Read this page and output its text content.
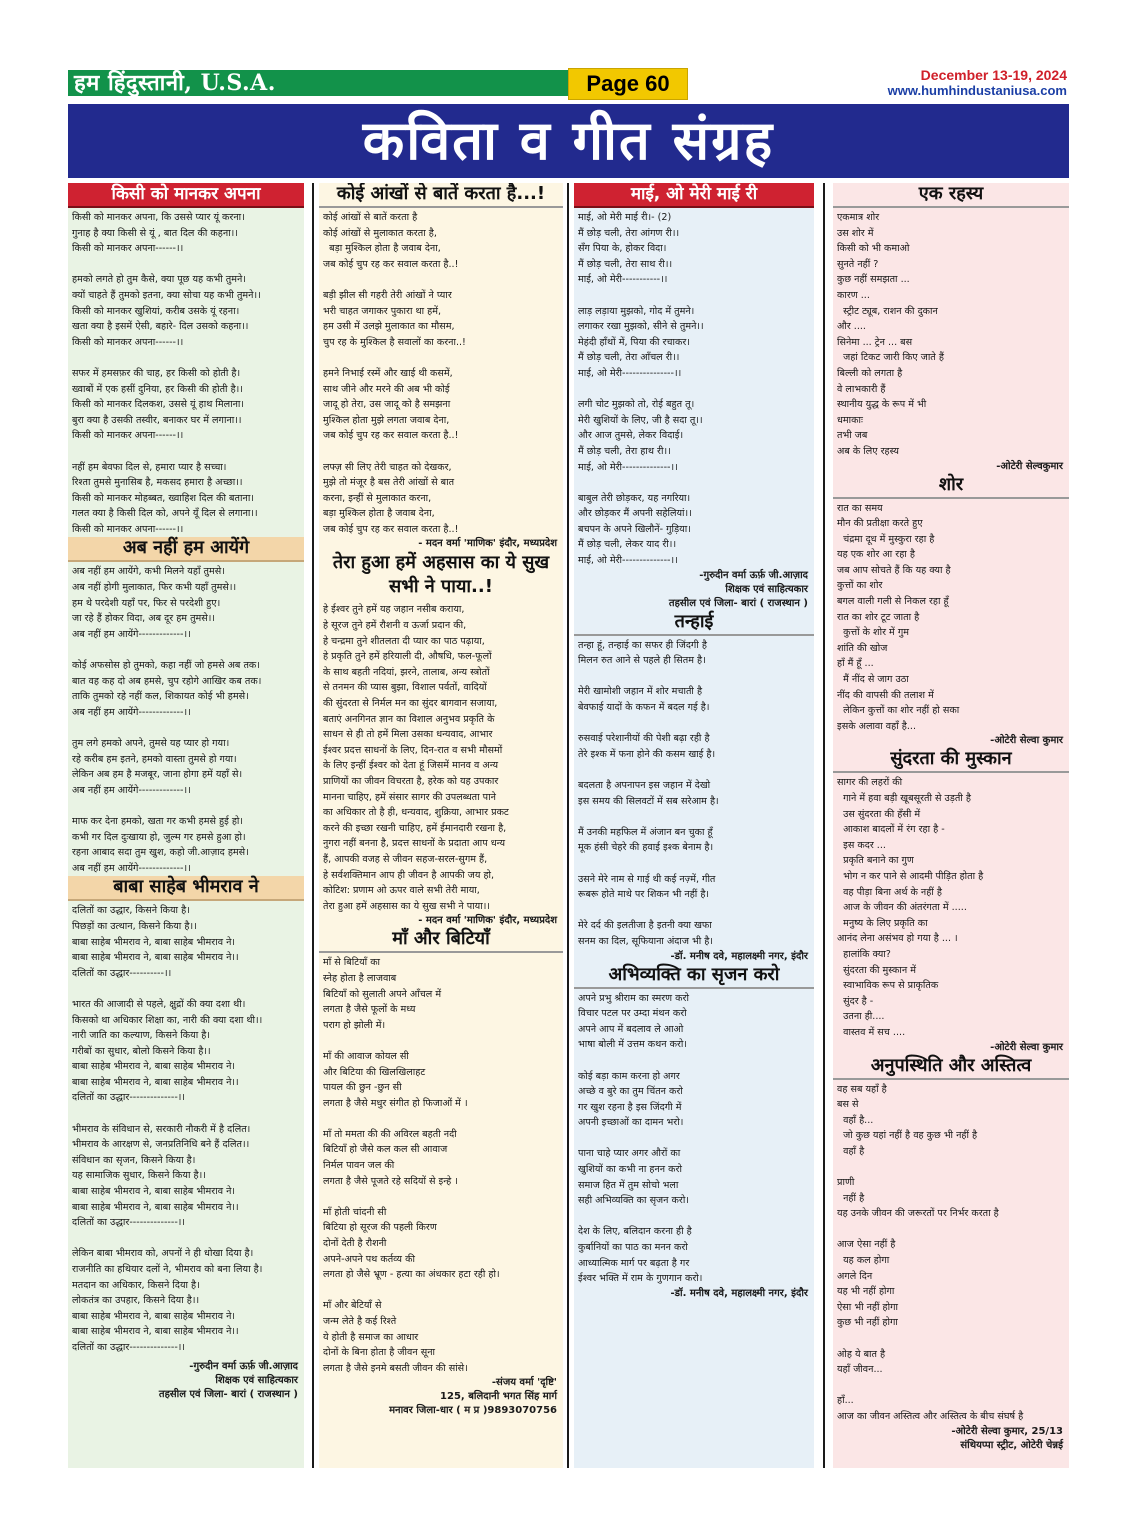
हम हिंदुस्तानी, U.S.A.	Page 60	December 13-19, 2024
www.humhindustaniusa.com
कविता व गीत संग्रह
किसी को मानकर अपना
किसी को मानकर अपना, कि उससे प्यार यूं करना।
गुनाह है क्या किसी से यूं , बात दिल की कहना।।
किसी को मानकर अपना------।।

हमको लगते हो तुम कैसे, क्या पूछ यह कभी तुमने।
क्यों चाहते हैं तुमको इतना, क्या सोचा यह कभी तुमने।।
किसी को मानकर खुशियां, करीब उसके यूं रहना।
खता क्या है इसमें ऐसी, बहारे- दिल उसको कहना।।
किसी को मानकर अपना------।।

सफर में हमसफ़र की चाह, हर किसी को होती है।
ख्वाबों में एक हसीं दुनिया, हर किसी की होती है।।
किसी को मानकर दिलकश, उससे यूं हाथ मिलाना।
बुरा क्या है उसकी तस्वीर, बनाकर घर में लगाना।।
किसी को मानकर अपना------।।

नहीं हम बेवफा दिल से, हमारा प्यार है सच्चा।
रिश्ता तुमसे मुनासिब है, मकसद हमारा है अच्छा।।
किसी को मानकर मोहब्बत, ख्वाहिश दिल की बताना।
गलत क्या है किसी दिल को, अपने यूँ दिल से लगाना।।
किसी को मानकर अपना------।।
अब नहीं हम आयेंगे
अब नहीं हम आयेंगे, कभी मिलने यहाँ तुमसे।
अब नहीं होगी मुलाकात, फिर कभी यहाँ तुमसे।।
हम थे परदेशी यहाँ पर, फिर से परदेशी हुए।
जा रहे हैं होकर विदा, अब दूर हम तुमसे।।
अब नहीं हम आयेंगे-------------।।

कोई अफसोस हो तुमको, कहा नहीं जो हमसे अब तक।
बात वह कह दो अब हमसे, चुप रहोगे आखिर कब तक।
ताकि तुमको रहे नहीं कल, शिकायत कोई भी हमसे।
अब नहीं हम आयेंगे-------------।।

तुम लगे हमको अपने, तुमसे यह प्यार हो गया।
रहे करीब हम इतने, हमको वास्ता तुमसे हो गया।
लेकिन अब हम है मजबूर, जाना होगा हमें यहाँ से।
अब नहीं हम आयेंगे-------------।।

माफ कर देना हमको, खता गर कभी हमसे हुई हो।
कभी गर दिल दुःखाया हो, जुल्म गर हमसे हुआ हो।
रहना आबाद सदा तुम खुश, कहो जी.आज़ाद हमसे।
अब नहीं हम आयेंगे-------------।।
बाबा साहेब भीमराव ने
दलितों का उद्धार, किसने किया है।
पिछड़ों का उत्थान, किसने किया है।।
बाबा साहेब भीमराव ने, बाबा साहेब भीमराव ने।
बाबा साहेब भीमराव ने, बाबा साहेब भीमराव ने।।
दलितों का उद्धार----------।।

भारत की आजादी से पहले, क्षुद्रों की क्या दशा थी।
किसको था अधिकार शिक्षा का, नारी की क्या दशा थी।।
नारी जाति का कल्याण, किसने किया है।
गरीबों का सुधार, बोलो किसने किया है।।
बाबा साहेब भीमराव ने, बाबा साहेब भीमराव ने।
बाबा साहेब भीमराव ने, बाबा साहेब भीमराव ने।।
दलितों का उद्धार--------------।।

भीमराव के संविधान से, सरकारी नौकरी में है दलित।
भीमराव के आरक्षण से, जनप्रतिनिधि बने हैं दलित।।
संविधान का सृजन, किसने किया है।
यह सामाजिक सुधार, किसने किया है।।
बाबा साहेब भीमराव ने, बाबा साहेब भीमराव ने।
बाबा साहेब भीमराव ने, बाबा साहेब भीमराव ने।।
दलितों का उद्धार--------------।।

लेकिन बाबा भीमराव को, अपनों ने ही धोखा दिया है।
राजनीति का हथियार दलों ने, भीमराव को बना लिया है।
मतदान का अधिकार, किसने दिया है।
लोकतंत्र का उपहार, किसने दिया है।।
बाबा साहेब भीमराव ने, बाबा साहेब भीमराव ने।
बाबा साहेब भीमराव ने, बाबा साहेब भीमराव ने।।
दलितों का उद्धार--------------।।
-गुरुदीन वर्मा ऊर्फ़ जी.आज़ाद
शिक्षक एवं साहित्यकार
तहसील एवं जिला- बारां ( राजस्थान )
कोई आंखों से बातें करता है...!
कोई आंखों से बातें करता है
कोई आंखों से मुलाकात करता है,
बड़ा मुश्किल होता है जवाब देना,
जब कोई चुप रह कर सवाल करता है..!

बड़ी झील सी गहरी तेरी आंखों ने प्यार
भरी चाहत जगाकर पुकारा था हमें,
हम उसी में उलझे मुलाकात का मौसम,
चुप रह के मुश्किल है सवालों का करना..!

हमने निभाई रस्में और खाई थी कसमें,
साथ जीने और मरने की अब भी कोई
जादू हो तेरा, उस जादू को है समझना
मुश्किल होता मुझे लगता जवाब देना,
जब कोई चुप रह कर सवाल करता है..!

लफ्ज़ सी लिए तेरी चाहत को देखकर,
मुझे तो मंजूर है बस तेरी आंखों से बात
करना, इन्हीं से मुलाकात करना,
बड़ा मुश्किल होता है जवाब देना,
जब कोई चुप रह कर सवाल करता है..!
- मदन वर्मा 'माणिक' इंदौर, मध्यप्रदेश
तेरा हुआ हमें अहसास का ये सुख सभी ने पाया..!
हे ईश्वर तुने हमें यह जहान नसीब कराया,
हे सूरज तुने हमें रौशनी व ऊर्जा प्रदान की,
हे चन्द्रमा तुने शीतलता दी प्यार का पाठ पढ़ाया,
हे प्रकृति तुने हमें हरियाली दी, औषधि, फल-फूलों
के साथ बहती नदियां, झरने, तालाब, अन्य स्त्रोतों
से तनमन की प्यास बुझा, विशाल पर्वतों, वादियों
की सुंदरता से निर्मल मन का सुंदर बागवान सजाया,
बताएं अनगिनत ज्ञान का विशाल अनुभव प्रकृति के
साधन से ही तो हमें मिला उसका धन्यवाद, आभार
ईश्वर प्रदत्त साधनों के लिए, दिन-रात व सभी मौसमों
के लिए इन्हीं ईश्वर को देता हूं जिसमें मानव व अन्य
प्राणियों का जीवन विचरता है, हरेक को यह उपकार
मानना चाहिए, हमें संसार सागर की उपलब्धता पाने
का अधिकार तो है ही, धन्यवाद, शुक्रिया, आभार प्रकट
करने की इच्छा रखनी चाहिए, हमें ईमानदारी रखना है,
नुगरा नहीं बनना है, प्रदत्त साधनों के प्रदाता आप धन्य
हैं, आपकी वजह से जीवन सहज-सरल-सुगम हैं,
हे सर्वशक्तिमान आप ही जीवन है आपकी जय हो,
कोटिश: प्रणाम ओ ऊपर वाले सभी तेरी माया,
तेरा हुआ हमें अहसास का ये सुख सभी ने पाया।।
- मदन वर्मा 'माणिक' इंदौर, मध्यप्रदेश
माँ और बिटियाँ
माँ से बिटियाँ का
स्नेह होता है लाजवाब
बिटियाँ को सुलाती अपने आँचल में
लगता है जैसे फूलों के मध्य
पराग हो झोली में।

माँ की आवाज कोयल सी
और बिटिया की खिलखिलाहट
पायल की छुन -छुन सी
लगता है जैसे मधुर संगीत हो फिजाओं में ।

माँ तो ममता की की अविरल बहती नदी
बिटियाँ हो जैसे कल कल सी आवाज
निर्मल पावन जल की
लगता है जैसे पूजते रहे सदियों से इन्हे ।

माँ होती चांदनी सी
बिटिया हो सूरज की पहली किरण
दोनों देती है रौशनी
अपने-अपने पथ कर्तव्य की
लगता हो जैसे भ्रूण - हत्या का अंधकार हटा रही हो।

माँ और बेटियाँ से
जन्म लेते है कई रिश्ते
ये होती है समाज का आधार
दोनों के बिना होता है जीवन सूना
लगता है जैसे इनमे बसती जीवन की सांसे।
-संजय वर्मा 'दृष्टि'
125, बलिदानी भगत सिंह मार्ग
मनावर जिला-धार ( म प्र )9893070756
माई, ओ मेरी माई री
माई, ओ मेरी माई री।- (2)
मैं छोड़ चली, तेरा आंगण री।।
सँग पिया के, होकर विदा।
मैं छोड़ चली, तेरा साथ री।।
माई, ओ मेरी-----------।।

लाड़ लड़ाया मुझको, गोद में तुमने।
लगाकर रखा मुझको, सीने से तुमने।।
मेहंदी हाँथों में, पिया की रचाकर।
मैं छोड़ चली, तेरा आँचल री।।
माई, ओ मेरी---------------।।

लगी चोट मुझको तो, रोई बहुत तू।
मेरी खुशियों के लिए, जी है सदा तू।।
और आज तुमसे, लेकर विदाई।
मैं छोड़ चली, तेरा हाथ री।।
माई, ओ मेरी--------------।।

बाबुल तेरी छोड़कर, यह नगरिया।
और छोड़कर मैं अपनी सहेलियां।।
बचपन के अपने खिलौनें- गुड़िया।
मैं छोड़ चली, लेकर याद री।।
माई, ओ मेरी--------------।।
-गुरुदीन वर्मा ऊर्फ़ जी.आज़ाद
शिक्षक एवं साहित्यकार
तहसील एवं जिला- बारां ( राजस्थान )
तन्हाई
तन्हा हूं, तन्हाई का सफर ही जिंदगी है
मिलन रुत आने से पहले ही सितम है।

मेरी खामोशी जहान में शोर मचाती है
बेवफाई यादों के कफन में बदल गई है।

रुसवाई परेशानीयों की पेशी बढ़ा रही है
तेरे इश्क में फना होने की कसम खाई है।

बदलता है अपनापन इस जहान में देखो
इस समय की सिलवटों में सब सरेआम है।

मैं उनकी महफिल में अंजान बन चुका हूँ
मूक हंसी चेहरे की हवाई इश्क बेनाम है।

उसने मेरे नाम से गाई थी कई नज़्में, गीत
रूबरू होते माथे पर शिकन भी नहीं है।

मेरे दर्द की इलतीजा है इतनी क्या खफा
सनम का दिल, सूफियाना अंदाज भी है।
-डॉ. मनीष दवे, महालक्ष्मी नगर, इंदौर
अभिव्यक्ति का सृजन करो
अपने प्रभु श्रीराम का स्मरण करो
विचार पटल पर उम्दा मंथन करो
अपने आप में बदलाव ले आओ
भाषा बोली में उत्तम कथन करो।

कोई बड़ा काम करना हो अगर
अच्छे व बुरे का तुम चिंतन करो
गर खुश रहना है इस जिंदगी में
अपनी इच्छाओं का दामन भरो।

पाना चाहे प्यार अगर औरों का
खुशियों का कभी ना हनन करो
समाज हित में तुम सोचो भला
सही अभिव्यक्ति का सृजन करो।

देश के लिए, बलिदान करना ही है
कुर्बानियों का पाठ का मनन करो
आध्यात्मिक मार्ग पर बढ़ता है गर
ईश्वर भक्ति में राम के गुणगान करो।
-डॉ. मनीष दवे, महालक्ष्मी नगर, इंदौर
एक रहस्य
एकमात्र शोर
उस शोर में
किसी को भी कमाओ
सुनते नहीं ?
कुछ नहीं समझता ...
कारण ...
स्ट्रीट ट्यूब, राशन की दुकान
और ....
सिनेमा ... ट्रेन ... बस
जहां टिकट जारी किए जाते हैं
बिल्ली को लगता है
वे लाभकारी हैं
स्थानीय युद्ध के रूप में भी
धमाकाः
तभी जब
अब के लिए रहस्य
-ओटेरी सेल्वकुमार
शोर
रात का समय
मौन की प्रतीक्षा करते हुए
चंद्रमा दूध में मुस्कुरा रहा है
यह एक शोर आ रहा है
जब आप सोचते हैं कि यह क्या है
कुत्तों का शोर
बगल वाली गली से निकल रहा हूँ
रात का शोर टूट जाता है
कुत्तों के शोर में गुम
शांति की खोज
हाँ मैं हूँ ...
मैं नींद से जाग उठा
नींद की वापसी की तलाश में
लेकिन कुत्तों का शोर नहीं हो सका
इसके अलावा वहाँ है...
-ओटेरी सेल्वा कुमार
सुंदरता की मुस्कान
सागर की लहरों की
गाने में हवा बड़ी खूबसूरती से उड़ती है
उस सुंदरता की हँसी में
आकाश बादलों में रंग रहा है -
इस कदर ...
प्रकृति बनाने का गुण
भोग न कर पाने से आदमी पीड़ित होता है
वह पीड़ा बिना अर्थ के नहीं है
आज के जीवन की अंतरंगता में .....
मनुष्य के लिए प्रकृति का
आनंद लेना असंभव हो गया है ... ।
हालांकि क्या?
सुंदरता की मुस्कान में
स्वाभाविक रूप से प्राकृतिक
सुंदर है -
उतना ही....
वास्तव में सच ....
-ओटेरी सेल्वा कुमार
अनुपस्थिति और अस्तित्व
वह सब यहाँ है
बस से
वहाँ है...
जो कुछ यहां नहीं है वह कुछ भी नहीं है
वहाँ है

प्राणी
नहीं है
यह उनके जीवन की जरूरतों पर निर्भर करता है

आज ऐसा नहीं है
यह कल होगा
अगले दिन
यह भी नहीं होगा
ऐसा भी नहीं होगा
कुछ भी नहीं होगा

ओह ये बात है
यहाँ जीवन...

हाँ...
आज का जीवन अस्तित्व और अस्तित्व के बीच संघर्ष है
-ओटेरी सेल्वा कुमार, 25/13
संथियप्पा स्ट्रीट, ओटेरी चेन्नई
